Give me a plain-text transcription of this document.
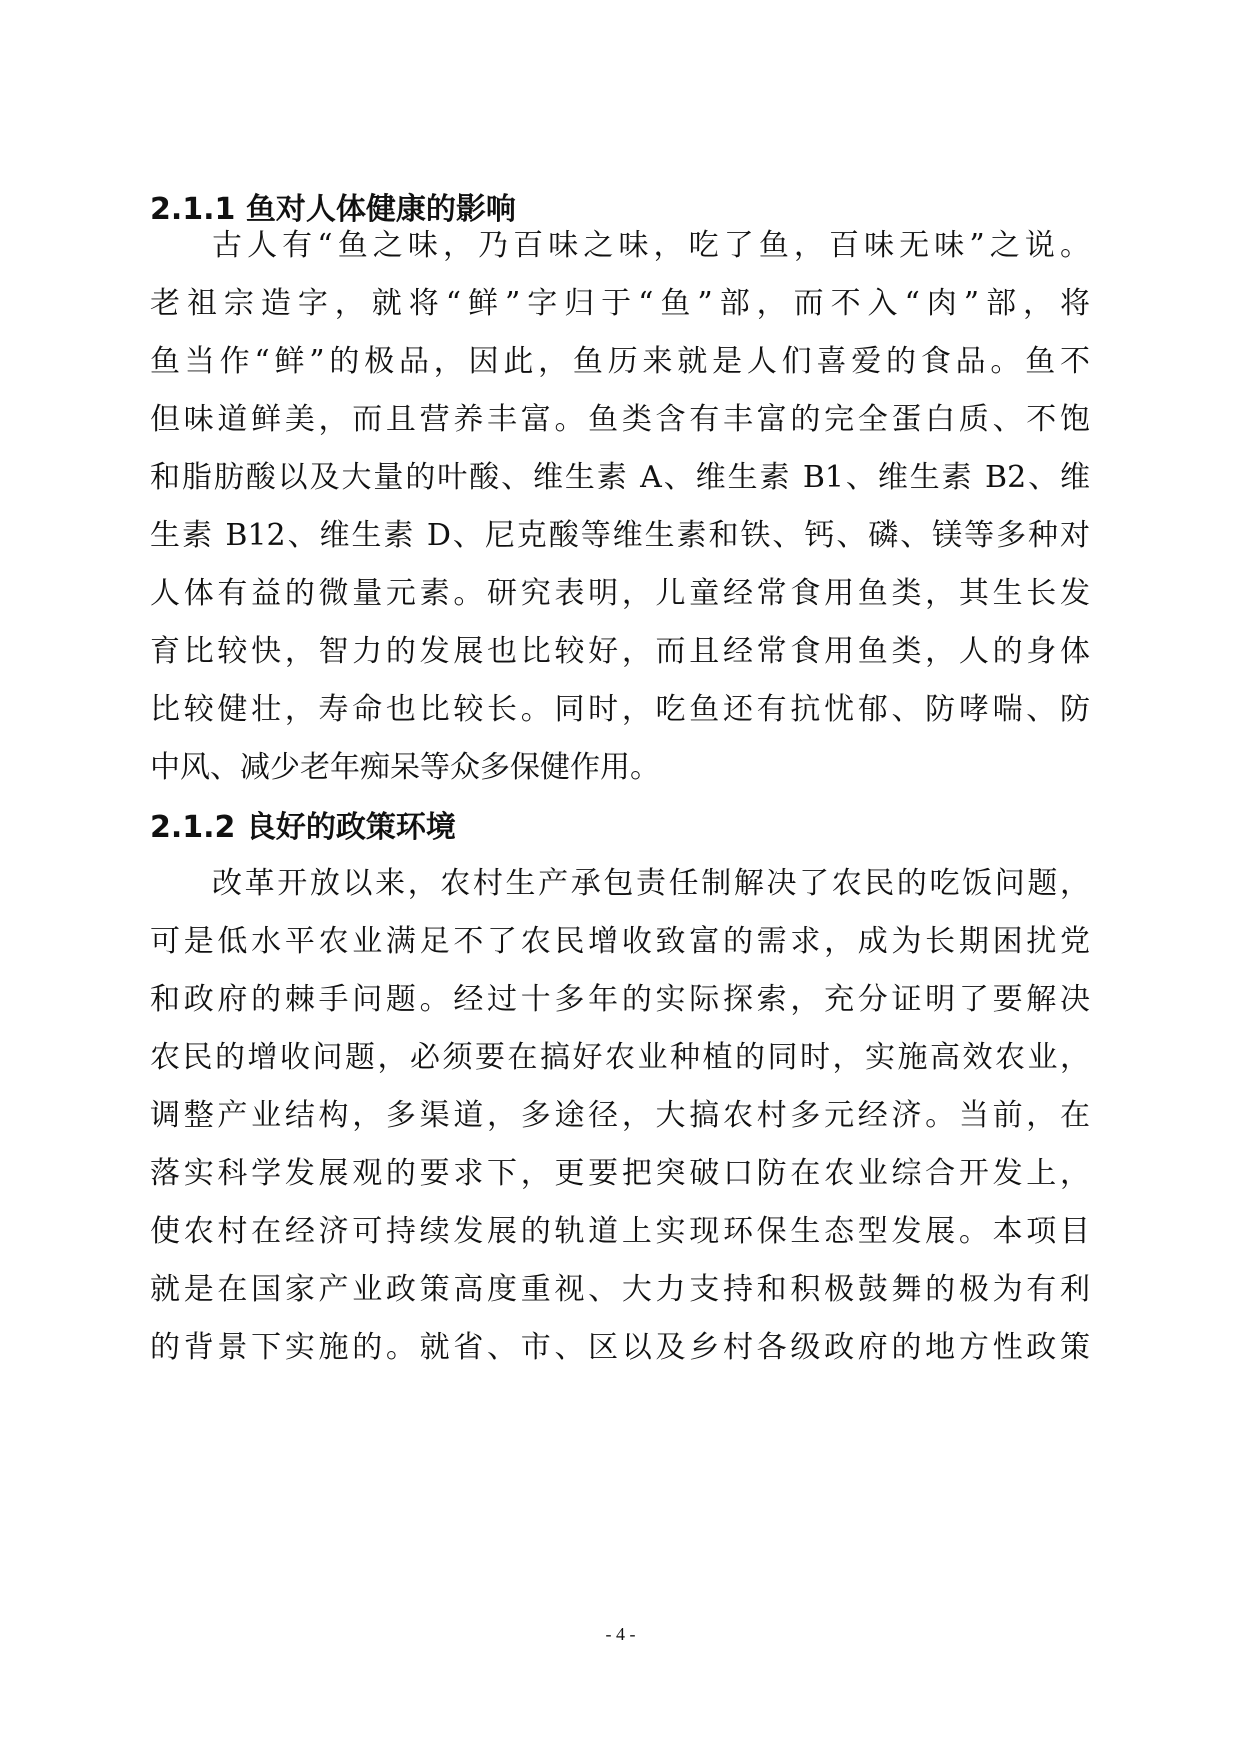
2.1.1 鱼对人体健康的影响
古人有“鱼之味，乃百味之味，吃了鱼，百味无味”之说。
老祖宗造字，就将“鲜”字归于“鱼”部，而不入“肉”部，将
鱼当作“鲜”的极品，因此，鱼历来就是人们喜爱的食品。鱼不
但味道鲜美，而且营养丰富。鱼类含有丰富的完全蛋白质、不饱
和脂肪酸以及大量的叶酸、维生素 A、维生素 B1、维生素 B2、维
生素 B12、维生素 D、尼克酸等维生素和铁、钙、磷、镁等多种对
人体有益的微量元素。研究表明，儿童经常食用鱼类，其生长发
育比较快，智力的发展也比较好，而且经常食用鱼类，人的身体
比较健壮，寿命也比较长。同时，吃鱼还有抗忧郁、防哮喘、防
中风、减少老年痴呆等众多保健作用。
2.1.2 良好的政策环境
改革开放以来，农村生产承包责任制解决了农民的吃饭问题，
可是低水平农业满足不了农民增收致富的需求，成为长期困扰党
和政府的棘手问题。经过十多年的实际探索，充分证明了要解决
农民的增收问题，必须要在搞好农业种植的同时，实施高效农业，
调整产业结构，多渠道，多途径，大搞农村多元经济。当前，在
落实科学发展观的要求下，更要把突破口防在农业综合开发上，
使农村在经济可持续发展的轨道上实现环保生态型发展。本项目
就是在国家产业政策高度重视、大力支持和积极鼓舞的极为有利
的背景下实施的。就省、市、区以及乡村各级政府的地方性政策
- 4 -
